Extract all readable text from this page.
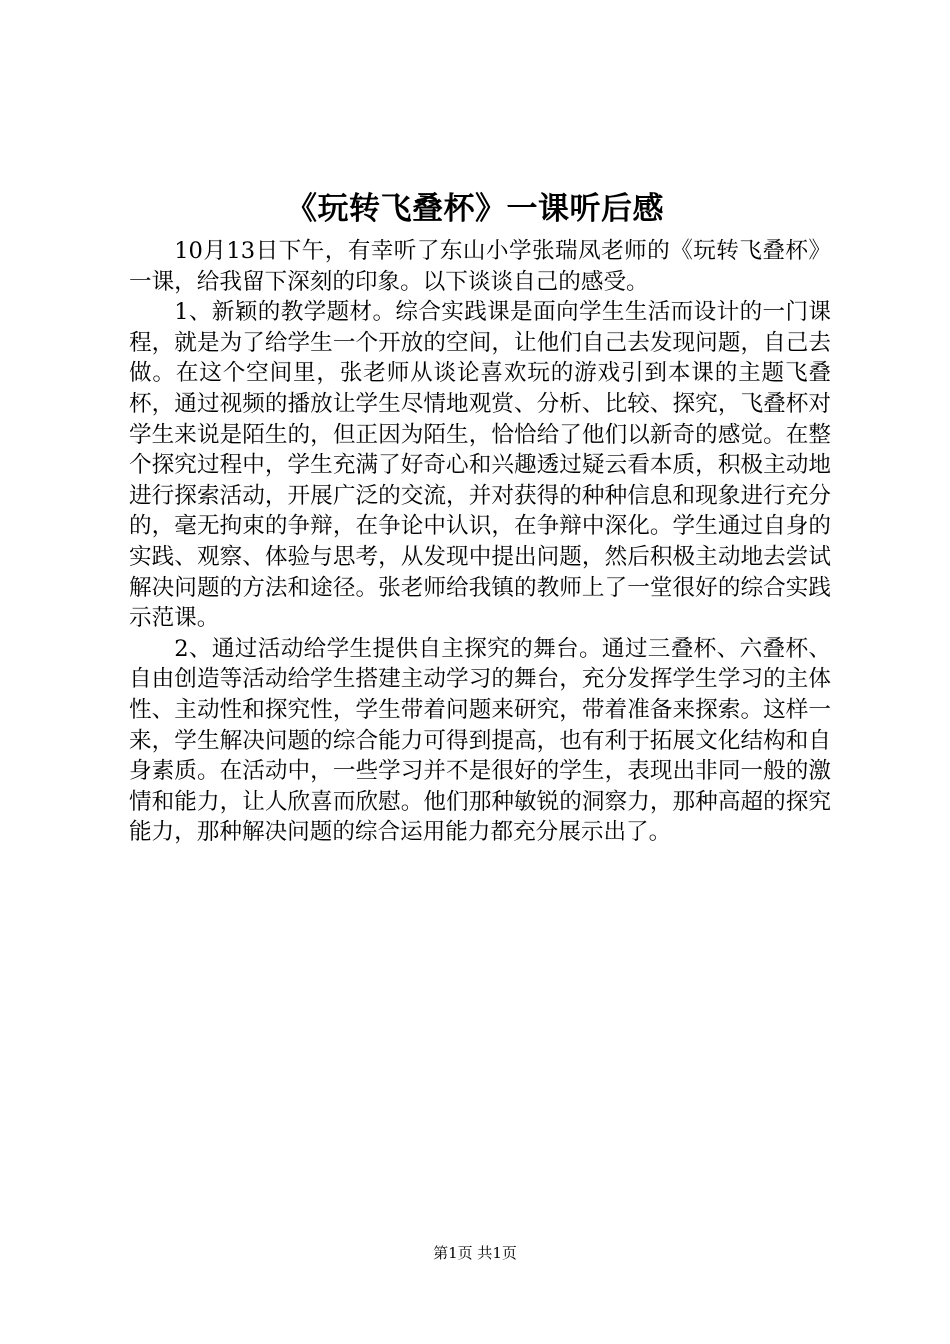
《玩转飞叠杯》一课听后感

10月13日下午，有幸听了东山小学张瑞凤老师的《玩转飞叠杯》一课，给我留下深刻的印象。以下谈谈自己的感受。

1、新颖的教学题材。综合实践课是面向学生生活而设计的一门课程，就是为了给学生一个开放的空间，让他们自己去发现问题，自己去做。在这个空间里，张老师从谈论喜欢玩的游戏引到本课的主题飞叠杯，通过视频的播放让学生尽情地观赏、分析、比较、探究，飞叠杯对学生来说是陌生的，但正因为陌生，恰恰给了他们以新奇的感觉。在整个探究过程中，学生充满了好奇心和兴趣透过疑云看本质，积极主动地进行探索活动，开展广泛的交流，并对获得的种种信息和现象进行充分的，毫无拘束的争辩，在争论中认识，在争辩中深化。学生通过自身的实践、观察、体验与思考，从发现中提出问题，然后积极主动地去尝试解决问题的方法和途径。张老师给我镇的教师上了一堂很好的综合实践示范课。

2、通过活动给学生提供自主探究的舞台。通过三叠杯、六叠杯、自由创造等活动给学生搭建主动学习的舞台，充分发挥学生学习的主体性、主动性和探究性，学生带着问题来研究，带着准备来探索。这样一来，学生解决问题的综合能力可得到提高，也有利于拓展文化结构和自身素质。在活动中，一些学习并不是很好的学生，表现出非同一般的激情和能力，让人欣喜而欣慰。他们那种敏锐的洞察力，那种高超的探究能力，那种解决问题的综合运用能力都充分展示出了。

第1页 共1页
